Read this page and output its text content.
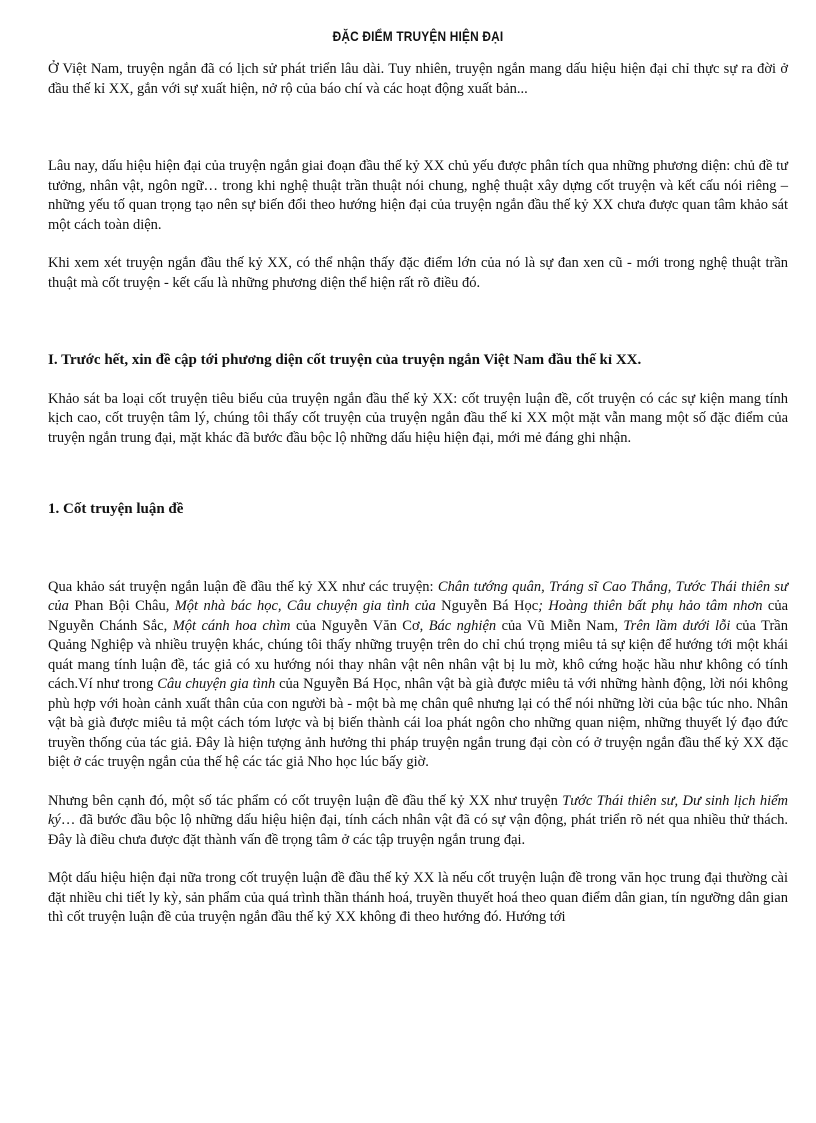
ĐẶC ĐIỂM TRUYỆN HIỆN ĐẠI

Ở Việt Nam, truyện ngắn đã có lịch sử phát triển lâu dài. Tuy nhiên, truyện ngắn mang dấu hiệu hiện đại chỉ thực sự ra đời ở đầu thế kỉ XX, gắn với sự xuất hiện, nở rộ của báo chí và các hoạt động xuất bản...

Lâu nay, dấu hiệu hiện đại của truyện ngắn giai đoạn đầu thế kỷ XX chủ yếu được phân tích qua những phương diện: chủ đề tư tưởng, nhân vật, ngôn ngữ… trong khi nghệ thuật trần thuật nói chung, nghệ thuật xây dựng cốt truyện và kết cấu nói riêng – những yếu tố quan trọng tạo nên sự biến đổi theo hướng hiện đại của truyện ngắn đầu thế kỷ XX chưa được quan tâm khảo sát một cách toàn diện.

Khi xem xét truyện ngắn đầu thế kỷ XX, có thể nhận thấy đặc điểm lớn của nó là sự đan xen cũ - mới trong nghệ thuật trần thuật mà cốt truyện - kết cấu là những phương diện thể hiện rất rõ điều đó.

I. Trước hết, xin đề cập tới phương diện cốt truyện của truyện ngắn Việt Nam đầu thế kỉ XX.

Khảo sát ba loại cốt truyện tiêu biểu của truyện ngắn đầu thế kỷ XX: cốt truyện luận đề, cốt truyện có các sự kiện mang tính kịch cao, cốt truyện tâm lý, chúng tôi thấy cốt truyện của truyện ngắn đầu thế kỉ XX một mặt vẫn mang một số đặc điểm của truyện ngắn trung đại, mặt khác đã bước đầu bộc lộ những dấu hiệu hiện đại, mới mẻ đáng ghi nhận.

1. Cốt truyện luận đề

Qua khảo sát truyện ngắn luận đề đầu thế kỷ XX như các truyện: Chân tướng quân, Tráng sĩ Cao Thắng, Tước Thái thiên sư của Phan Bội Châu, Một nhà bác học, Câu chuyện gia tình của Nguyễn Bá Học; Hoàng thiên bất phụ hảo tâm nhơn của Nguyễn Chánh Sắc, Một cánh hoa chìm của Nguyễn Văn Cơ, Bác nghiện của Vũ Miễn Nam, Trên lầm dưới lỗi của Trần Quảng Nghiệp và nhiều truyện khác, chúng tôi thấy những truyện trên do chỉ chú trọng miêu tả sự kiện để hướng tới một khái quát mang tính luận đề, tác giả có xu hướng nói thay nhân vật nên nhân vật bị lu mờ, khô cứng hoặc hầu như không có tính cách.Ví như trong Câu chuyện gia tình của Nguyễn Bá Học, nhân vật bà già được miêu tả với những hành động, lời nói không phù hợp với hoàn cảnh xuất thân của con người bà - một bà mẹ chân quê nhưng lại có thể nói những lời của bậc túc nho. Nhân vật bà già được miêu tả một cách tóm lược và bị biến thành cái loa phát ngôn cho những quan niệm, những thuyết lý đạo đức truyền thống của tác giả. Đây là hiện tượng ảnh hưởng thi pháp truyện ngắn trung đại còn có ở truyện ngắn đầu thế kỷ XX đặc biệt ở các truyện ngắn của thế hệ các tác giả Nho học lúc bấy giờ.

Nhưng bên cạnh đó, một số tác phẩm có cốt truyện luận đề đầu thế kỷ XX như truyện Tước Thái thiên sư, Dư sinh lịch hiểm ký… đã bước đầu bộc lộ những dấu hiệu hiện đại, tính cách nhân vật đã có sự vận động, phát triển rõ nét qua nhiều thử thách. Đây là điều chưa được đặt thành vấn đề trọng tâm ở các tập truyện ngắn trung đại.

Một dấu hiệu hiện đại nữa trong cốt truyện luận đề đầu thế kỷ XX là nếu cốt truyện luận đề trong văn học trung đại thường cài đặt nhiều chi tiết ly kỳ, sản phẩm của quá trình thần thánh hoá, truyền thuyết hoá theo quan điểm dân gian, tín ngưỡng dân gian thì cốt truyện luận đề của truyện ngắn đầu thế kỷ XX không đi theo hướng đó. Hướng tới
